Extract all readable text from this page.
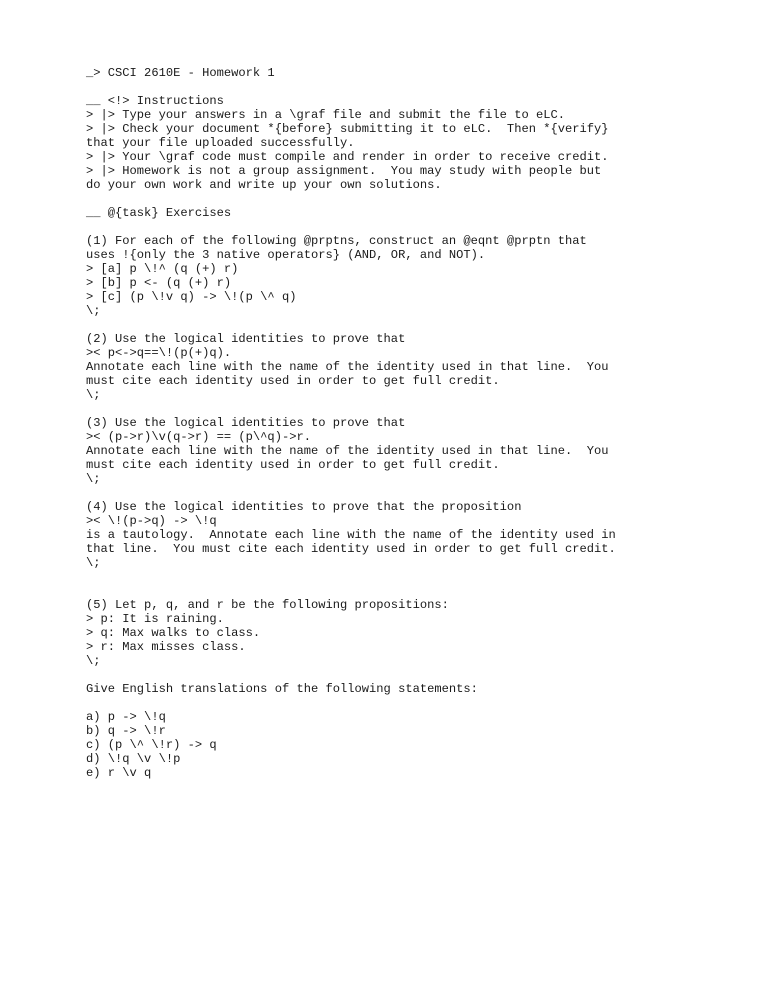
_> CSCI 2610E - Homework 1
__ <!> Instructions
> |> Type your answers in a \graf file and submit the file to eLC.
> |> Check your document *{before} submitting it to eLC.  Then *{verify}
that your file uploaded successfully.
> |> Your \graf code must compile and render in order to receive credit.
> |> Homework is not a group assignment.  You may study with people but
do your own work and write up your own solutions.
__ @{task} Exercises
(1) For each of the following @prptns, construct an @eqnt @prptn that
uses !{only the 3 native operators} (AND, OR, and NOT).
> [a] p \!^ (q (+) r)
> [b] p <- (q (+) r)
> [c] (p \!v q) -> \!(p \^ q)
\;
(2) Use the logical identities to prove that
>< p<->q==\!(p(+)q).
Annotate each line with the name of the identity used in that line.  You
must cite each identity used in order to get full credit.
\;
(3) Use the logical identities to prove that
>< (p->r)\v(q->r) == (p\^q)->r.
Annotate each line with the name of the identity used in that line.  You
must cite each identity used in order to get full credit.
\;
(4) Use the logical identities to prove that the proposition
>< \!(p->q) -> \!q
is a tautology.  Annotate each line with the name of the identity used in
that line.  You must cite each identity used in order to get full credit.
\;
(5) Let p, q, and r be the following propositions:
> p: It is raining.
> q: Max walks to class.
> r: Max misses class.
\;
Give English translations of the following statements:
a) p -> \!q
b) q -> \!r
c) (p \^ \!r) -> q
d) \!q \v \!p
e) r \v q
